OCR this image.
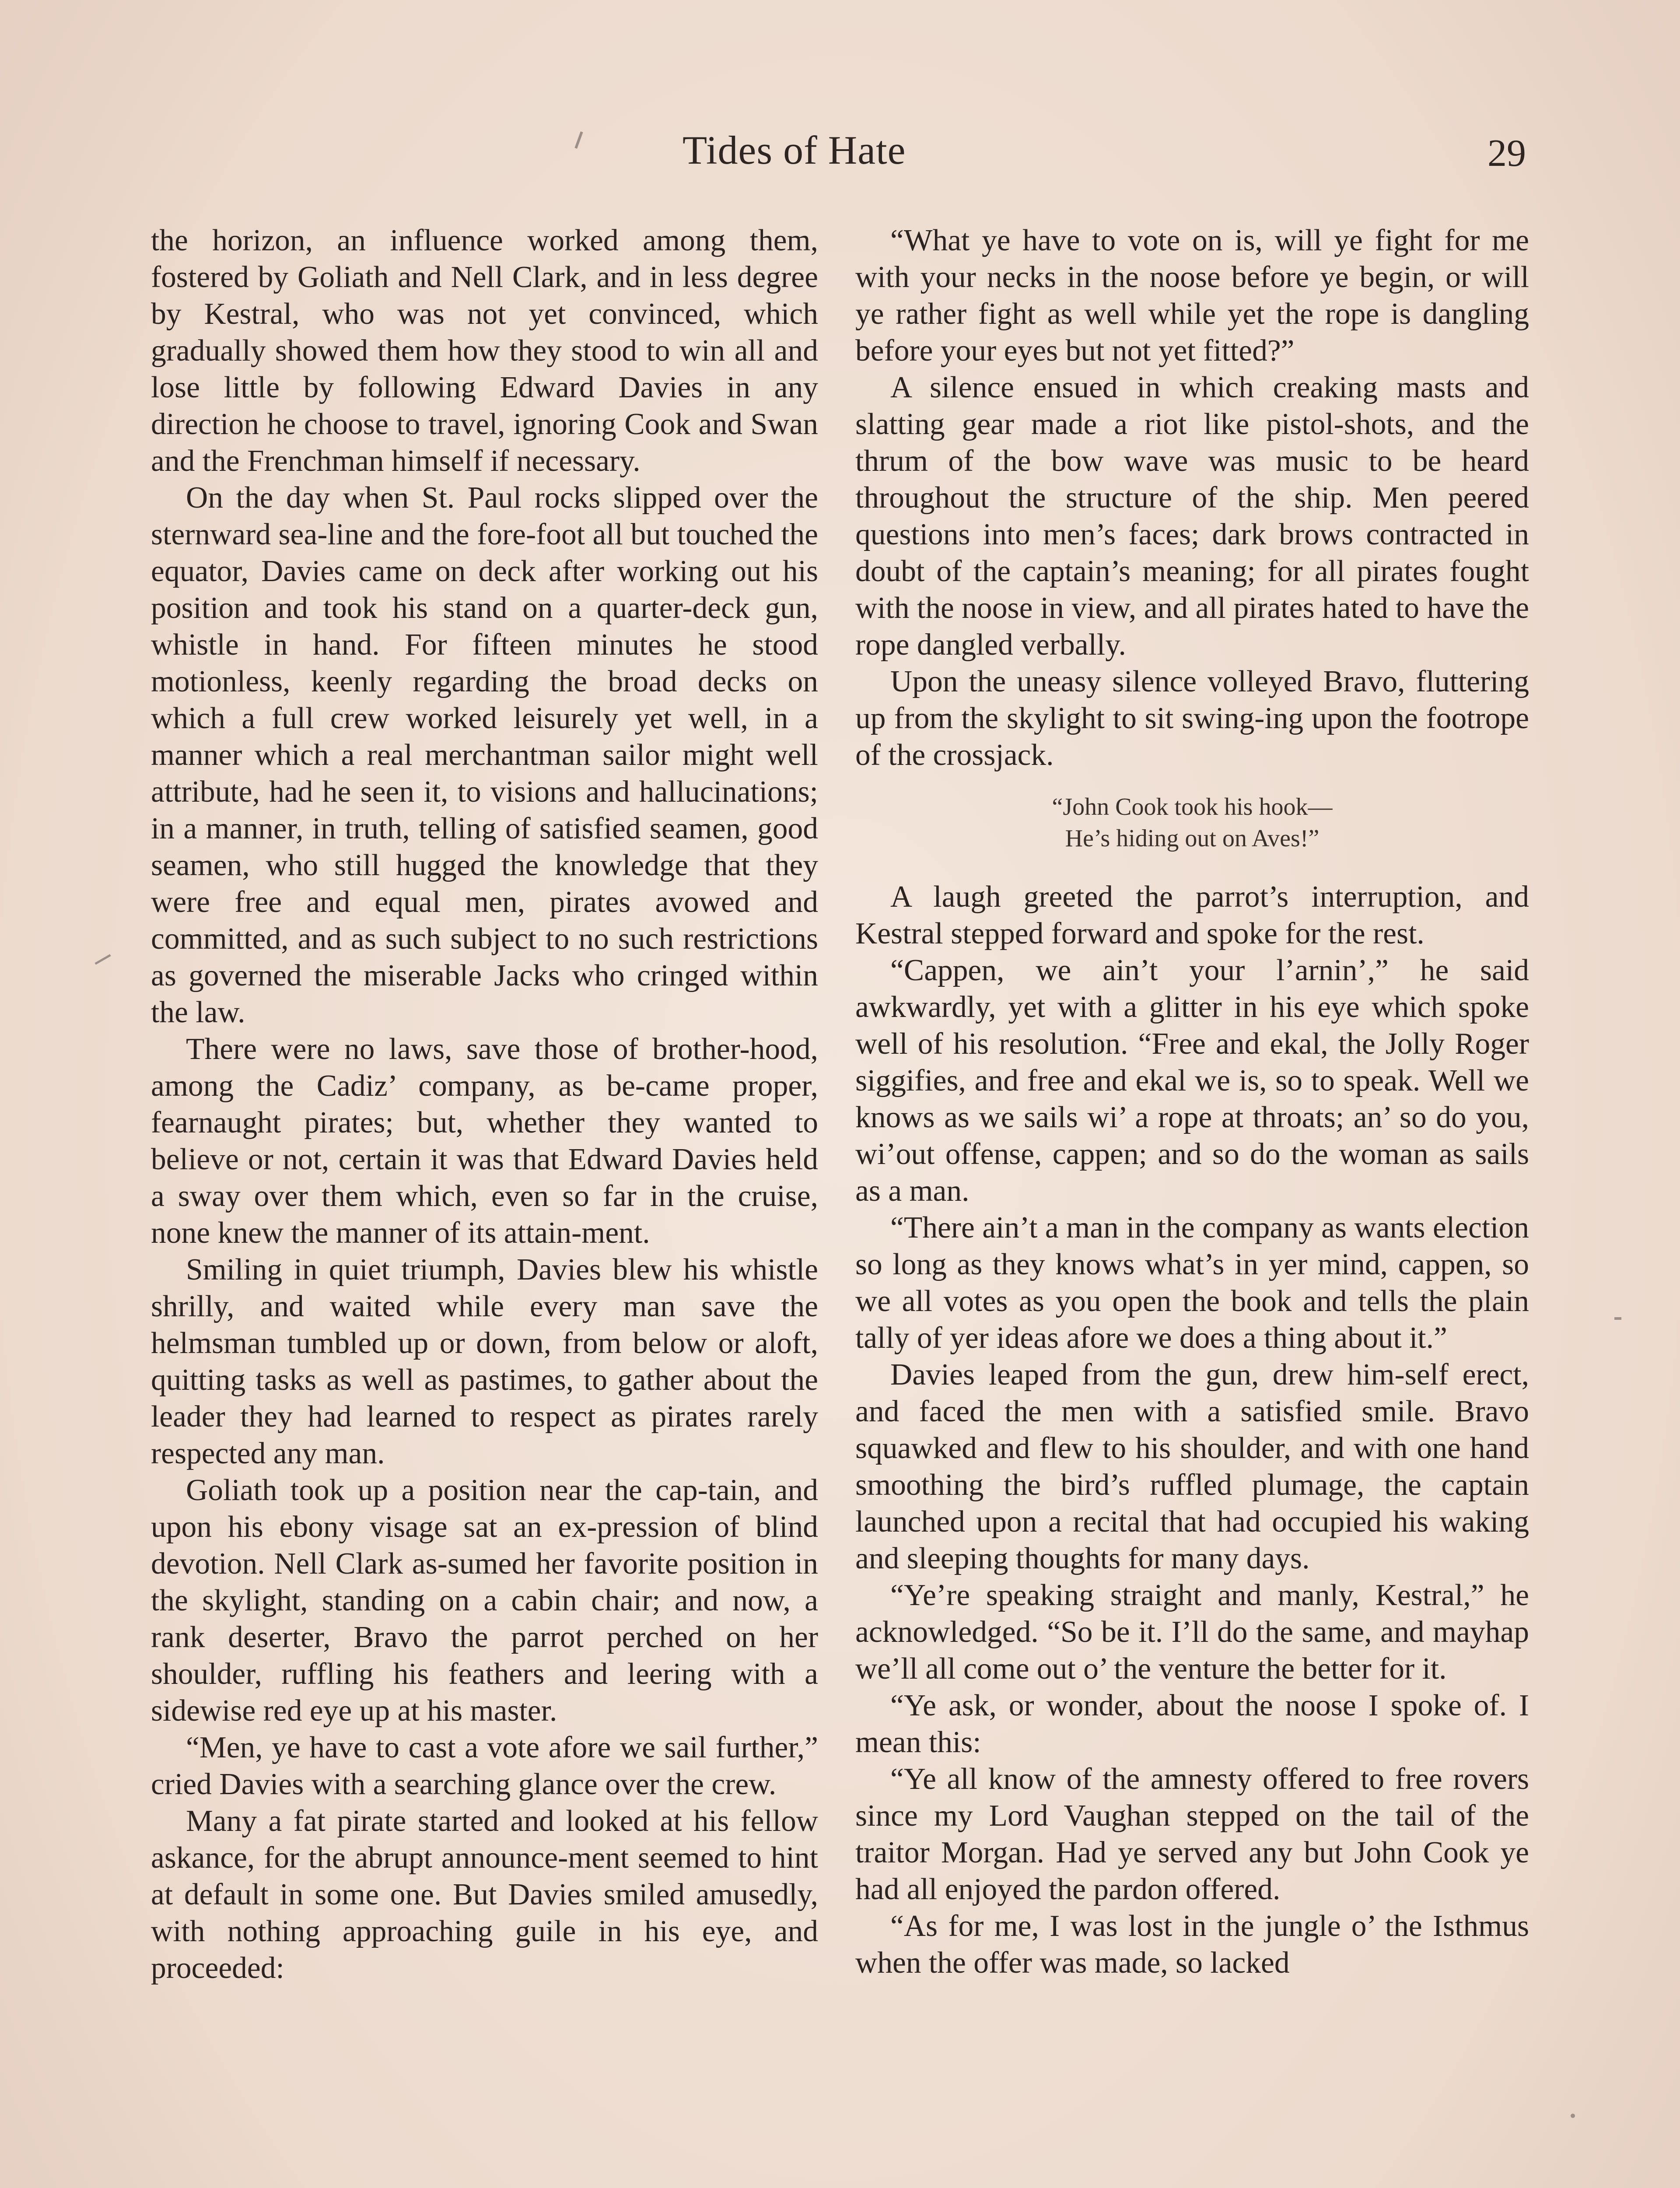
Tides of Hate	29

the horizon, an influence worked among them, fostered by Goliath and Nell Clark, and in less degree by Kestral, who was not yet convinced, which gradually showed them how they stood to win all and lose little by following Edward Davies in any direction he choose to travel, ignoring Cook and Swan and the Frenchman himself if necessary.

On the day when St. Paul rocks slipped over the sternward sea-line and the fore-foot all but touched the equator, Davies came on deck after working out his position and took his stand on a quarter-deck gun, whistle in hand. For fifteen minutes he stood motionless, keenly regarding the broad decks on which a full crew worked leisurely yet well, in a manner which a real merchantman sailor might well attribute, had he seen it, to visions and hallucinations; in a manner, in truth, telling of satisfied seamen, good seamen, who still hugged the knowledge that they were free and equal men, pirates avowed and committed, and as such subject to no such restrictions as governed the miserable Jacks who cringed within the law.

There were no laws, save those of brother-hood, among the Cadiz’ company, as be-came proper, fearnaught pirates; but, whether they wanted to believe or not, certain it was that Edward Davies held a sway over them which, even so far in the cruise, none knew the manner of its attain-ment.

Smiling in quiet triumph, Davies blew his whistle shrilly, and waited while every man save the helmsman tumbled up or down, from below or aloft, quitting tasks as well as pastimes, to gather about the leader they had learned to respect as pirates rarely respected any man.

Goliath took up a position near the cap-tain, and upon his ebony visage sat an ex-pression of blind devotion. Nell Clark as-sumed her favorite position in the skylight, standing on a cabin chair; and now, a rank deserter, Bravo the parrot perched on her shoulder, ruffling his feathers and leering with a sidewise red eye up at his master.

“Men, ye have to cast a vote afore we sail further,” cried Davies with a searching glance over the crew.

Many a fat pirate started and looked at his fellow askance, for the abrupt announce-ment seemed to hint at default in some one. But Davies smiled amusedly, with nothing approaching guile in his eye, and proceeded:

“What ye have to vote on is, will ye fight for me with your necks in the noose before ye begin, or will ye rather fight as well while yet the rope is dangling before your eyes but not yet fitted?”

A silence ensued in which creaking masts and slatting gear made a riot like pistol-shots, and the thrum of the bow wave was music to be heard throughout the structure of the ship. Men peered questions into men’s faces; dark brows contracted in doubt of the captain’s meaning; for all pirates fought with the noose in view, and all pirates hated to have the rope dangled verbally.

Upon the uneasy silence volleyed Bravo, fluttering up from the skylight to sit swing-ing upon the footrope of the crossjack.

“John Cook took his hook—
He’s hiding out on Aves!”

A laugh greeted the parrot’s interruption, and Kestral stepped forward and spoke for the rest.

“Cappen, we ain’t your l’arnin’,” he said awkwardly, yet with a glitter in his eye which spoke well of his resolution. “Free and ekal, the Jolly Roger siggifies, and free and ekal we is, so to speak. Well we knows as we sails wi’ a rope at throats; an’ so do you, wi’out offense, cappen; and so do the woman as sails as a man.

“There ain’t a man in the company as wants election so long as they knows what’s in yer mind, cappen, so we all votes as you open the book and tells the plain tally of yer ideas afore we does a thing about it.”

Davies leaped from the gun, drew him-self erect, and faced the men with a satisfied smile. Bravo squawked and flew to his shoulder, and with one hand smoothing the bird’s ruffled plumage, the captain launched upon a recital that had occupied his waking and sleeping thoughts for many days.

“Ye’re speaking straight and manly, Kestral,” he acknowledged. “So be it. I’ll do the same, and mayhap we’ll all come out o’ the venture the better for it.

“Ye ask, or wonder, about the noose I spoke of. I mean this:

“Ye all know of the amnesty offered to free rovers since my Lord Vaughan stepped on the tail of the traitor Morgan. Had ye served any but John Cook ye had all enjoyed the pardon offered.

“As for me, I was lost in the jungle o’ the Isthmus when the offer was made, so lacked
